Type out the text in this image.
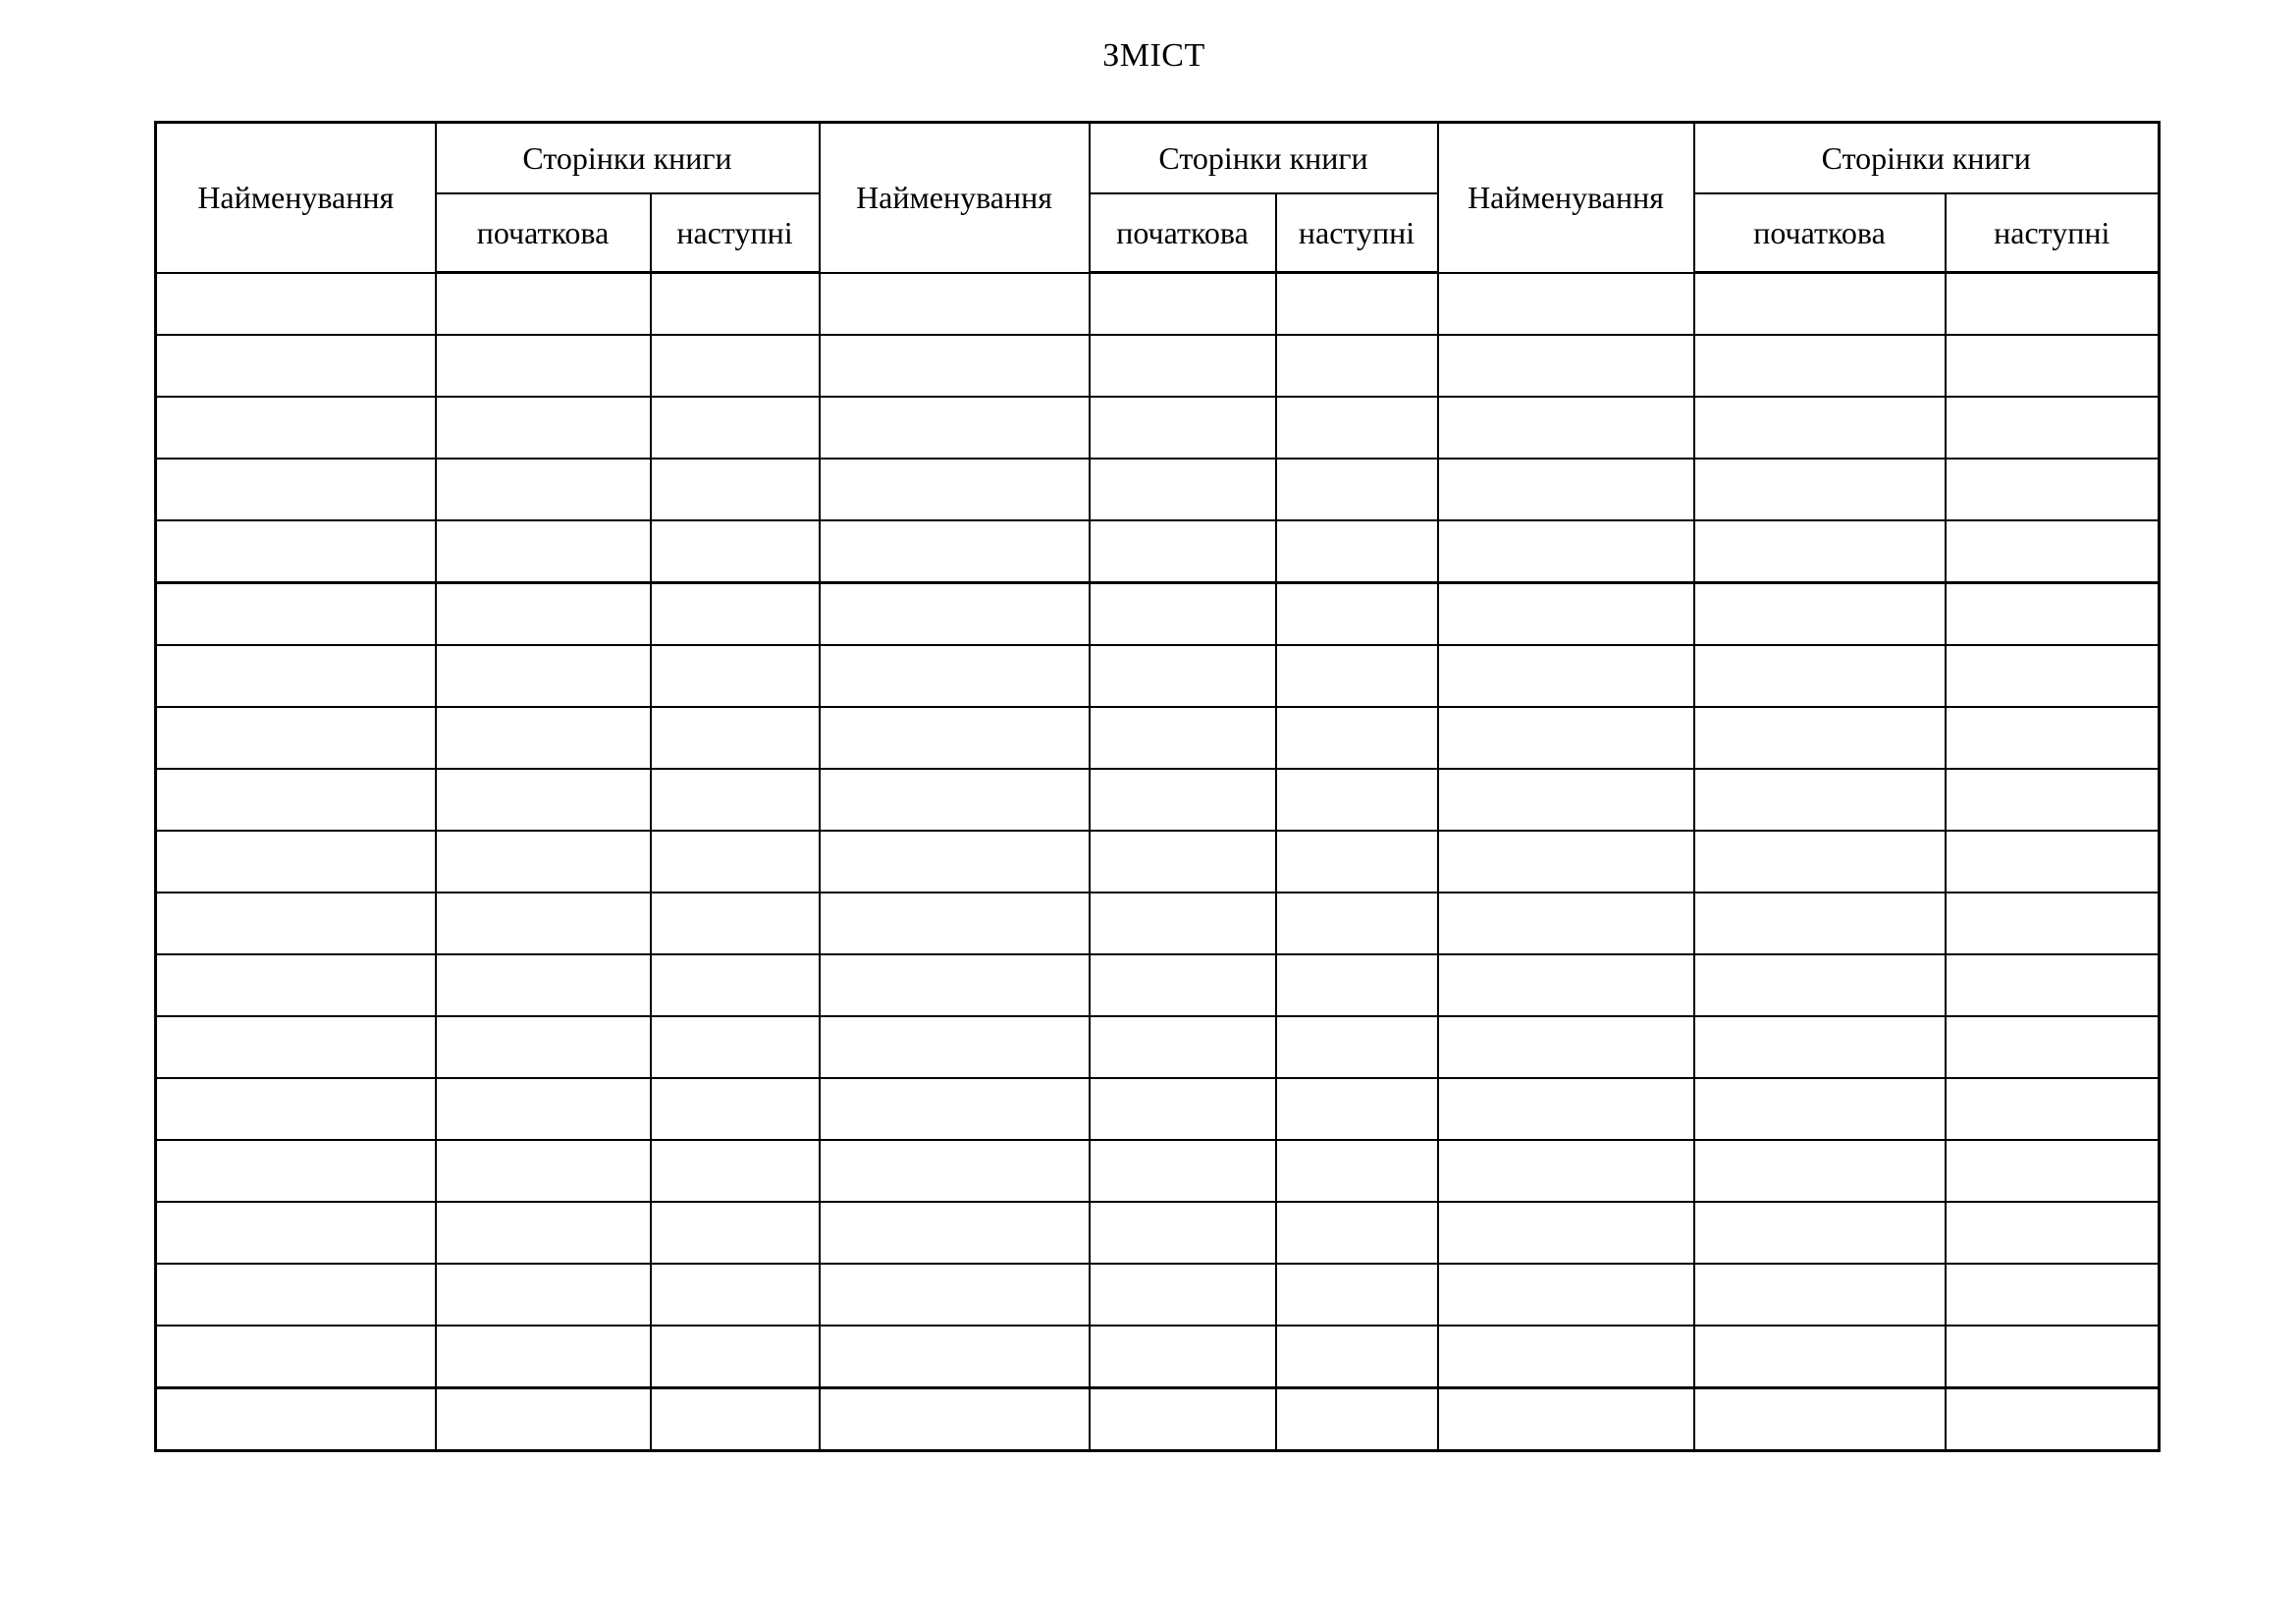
ЗМІСТ
Найменування	Сторінки книги		Найменування	Сторінки книги		Найменування	Сторінки книги	
	початкова	наступні		початкова	наступні		початкова	наступні
